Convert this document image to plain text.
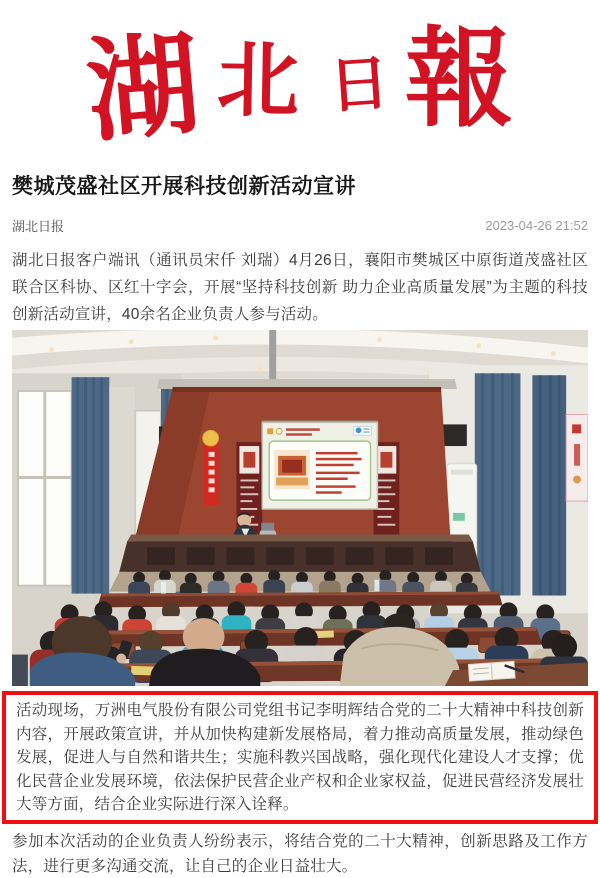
湖 北 日 報
樊城茂盛社区开展科技创新活动宣讲
湖北日报	2023-04-26 21:52

湖北日报客户端讯（通讯员宋仟 刘瑞）4月26日，襄阳市樊城区中原街道茂盛社区联合区科协、区红十字会，开展“坚持科技创新 助力企业高质量发展”为主题的科技创新活动宣讲，40余名企业负责人参与活动。

活动现场，万洲电气股份有限公司党组书记李明辉结合党的二十大精神中科技创新内容，开展政策宣讲，并从加快构建新发展格局，着力推动高质量发展，推动绿色发展，促进人与自然和谐共生；实施科教兴国战略，强化现代化建设人才支撑；优化民营企业发展环境，依法保护民营企业产权和企业家权益，促进民营经济发展壮大等方面，结合企业实际进行深入诠释。

参加本次活动的企业负责人纷纷表示，将结合党的二十大精神，创新思路及工作方法，进行更多沟通交流，让自己的企业日益壮大。
